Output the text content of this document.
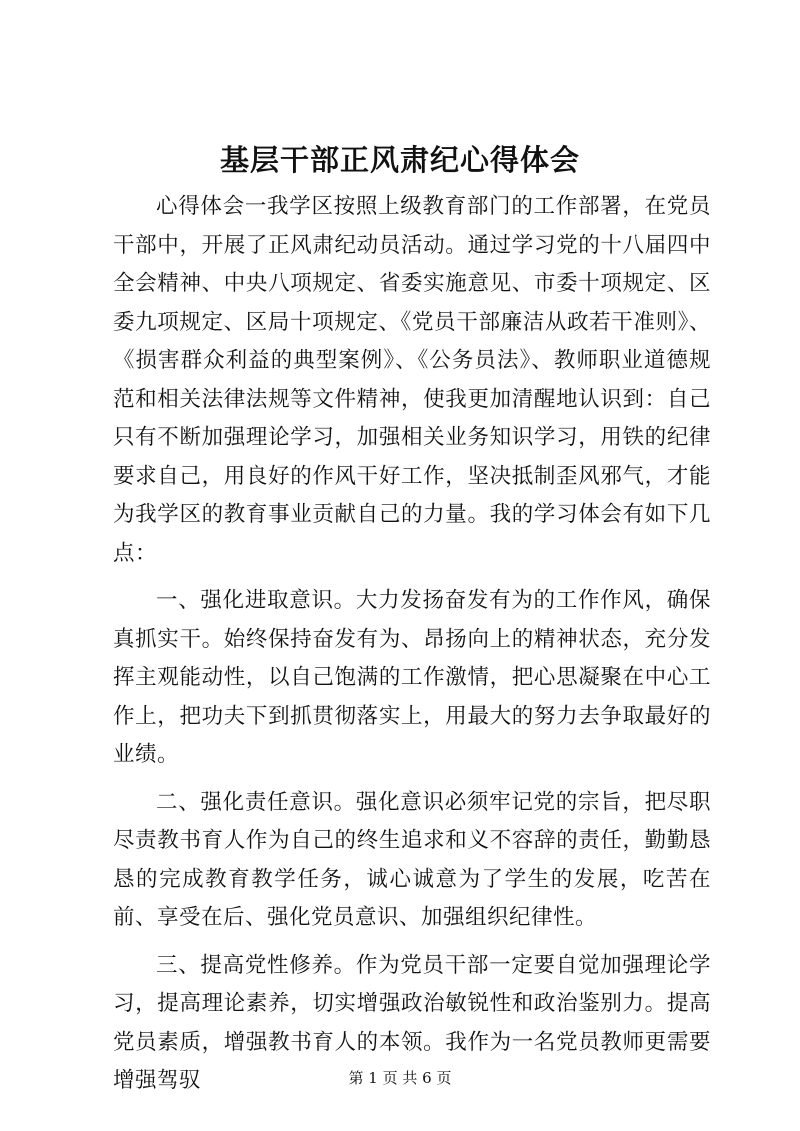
基层干部正风肃纪心得体会

心得体会一我学区按照上级教育部门的工作部署，在党员干部中，开展了正风肃纪动员活动。通过学习党的十八届四中全会精神、中央八项规定、省委实施意见、市委十项规定、区委九项规定、区局十项规定、《党员干部廉洁从政若干准则》、《损害群众利益的典型案例》、《公务员法》、教师职业道德规范和相关法律法规等文件精神，使我更加清醒地认识到：自己只有不断加强理论学习，加强相关业务知识学习，用铁的纪律要求自己，用良好的作风干好工作，坚决抵制歪风邪气，才能为我学区的教育事业贡献自己的力量。我的学习体会有如下几点：

一、强化进取意识。大力发扬奋发有为的工作作风，确保真抓实干。始终保持奋发有为、昂扬向上的精神状态，充分发挥主观能动性，以自己饱满的工作激情，把心思凝聚在中心工作上，把功夫下到抓贯彻落实上，用最大的努力去争取最好的业绩。

二、强化责任意识。强化意识必须牢记党的宗旨，把尽职尽责教书育人作为自己的终生追求和义不容辞的责任，勤勤恳恳的完成教育教学任务，诚心诚意为了学生的发展，吃苦在前、享受在后、强化党员意识、加强组织纪律性。

三、提高党性修养。作为党员干部一定要自觉加强理论学习，提高理论素养，切实增强政治敏锐性和政治鉴别力。提高党员素质，增强教书育人的本领。我作为一名党员教师更需要增强驾驭	第 1 页 共 6 页
